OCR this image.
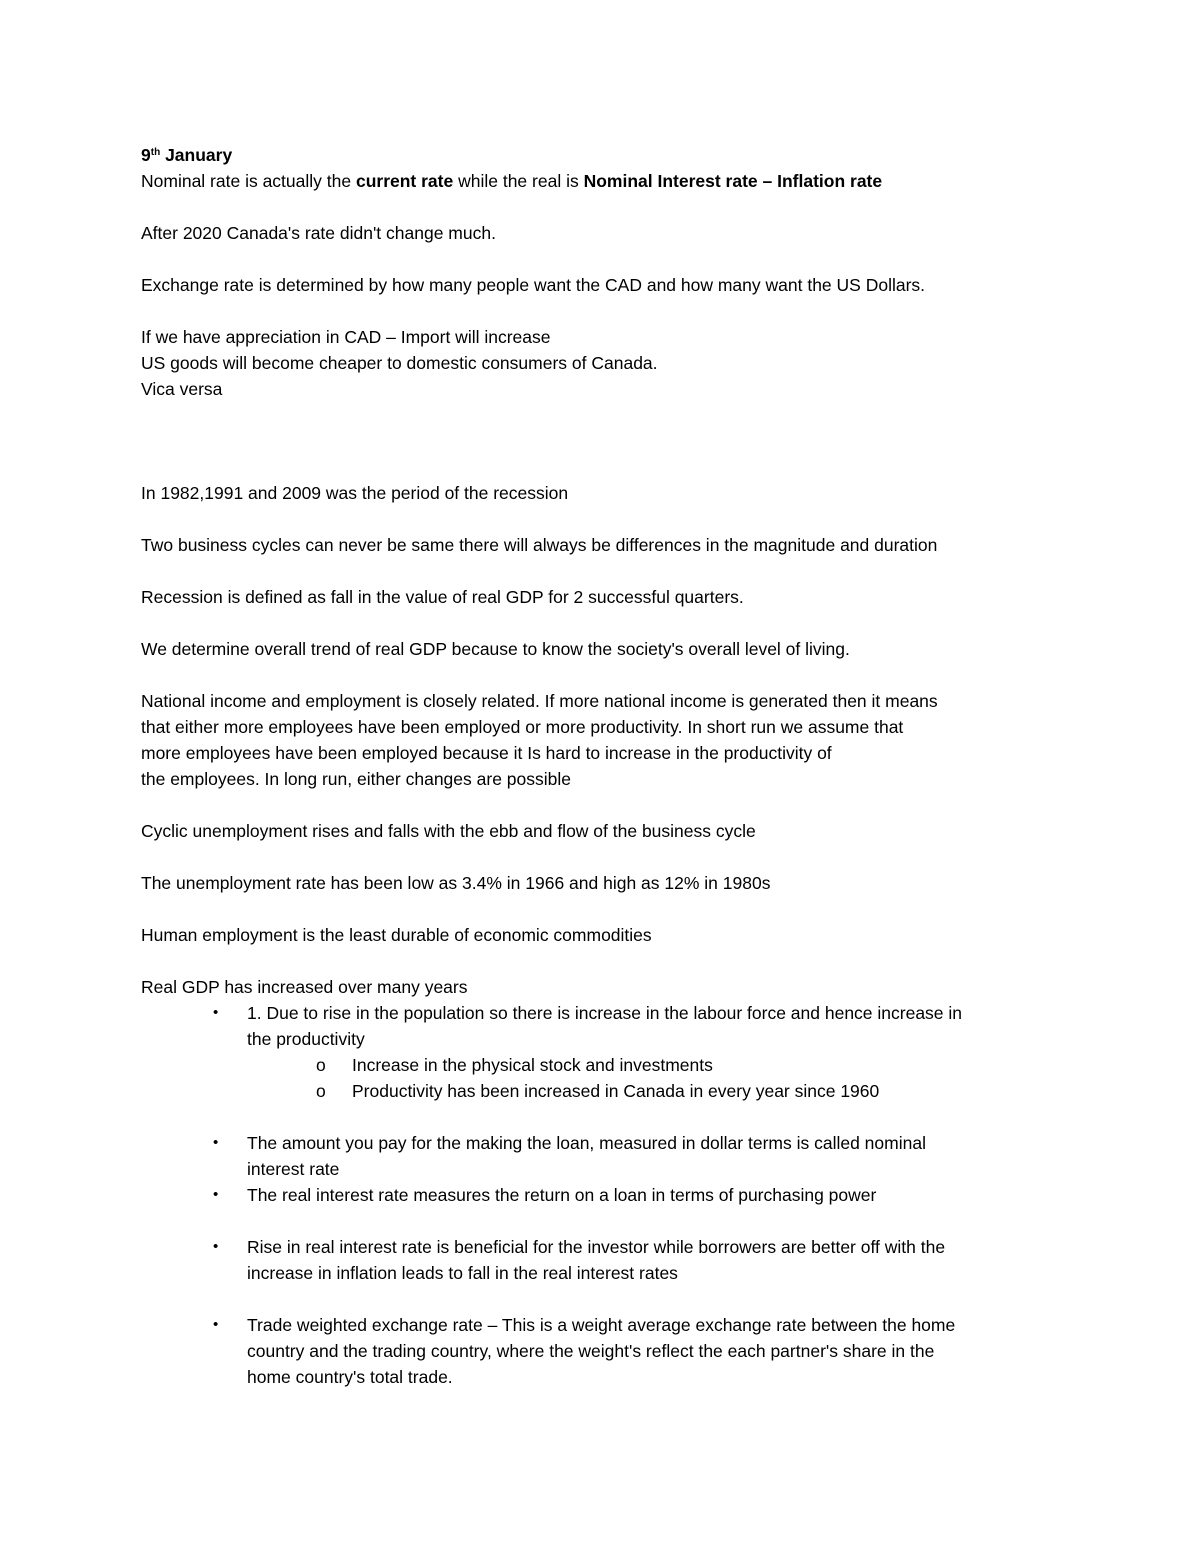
9th January
Nominal rate is actually the current rate while the real is Nominal Interest rate – Inflation rate
After 2020 Canada's rate didn't change much.
Exchange rate is determined by how many people want the CAD and how many want the US Dollars.
If we have appreciation in CAD – Import will increase
US goods will become cheaper to domestic consumers of Canada.
Vica versa
In 1982,1991 and 2009 was the period of the recession
Two business cycles can never be same there will always be differences in the magnitude and duration
Recession is defined as fall in the value of real GDP for 2 successful quarters.
We determine overall trend of real GDP because to know the society's overall level of living.
National income and employment is closely related. If more national income is generated then it means
that either more employees have been employed or more productivity. In short run we assume that
more employees have been employed because it Is hard to increase in the productivity of
the employees. In long run, either changes are possible
Cyclic unemployment rises and falls with the ebb and flow of the business cycle
The unemployment rate has been low as 3.4% in 1966 and high as 12% in 1980s
Human employment is the least durable of economic commodities
Real GDP has increased over many years
• 1. Due to rise in the population so there is increase in the labour force and hence increase in
the productivity
o Increase in the physical stock and investments
o Productivity has been increased in Canada in every year since 1960
• The amount you pay for the making the loan, measured in dollar terms is called nominal
interest rate
• The real interest rate measures the return on a loan in terms of purchasing power
• Rise in real interest rate is beneficial for the investor while borrowers are better off with the
increase in inflation leads to fall in the real interest rates
• Trade weighted exchange rate – This is a weight average exchange rate between the home
country and the trading country, where the weight's reflect the each partner's share in the
home country's total trade.
